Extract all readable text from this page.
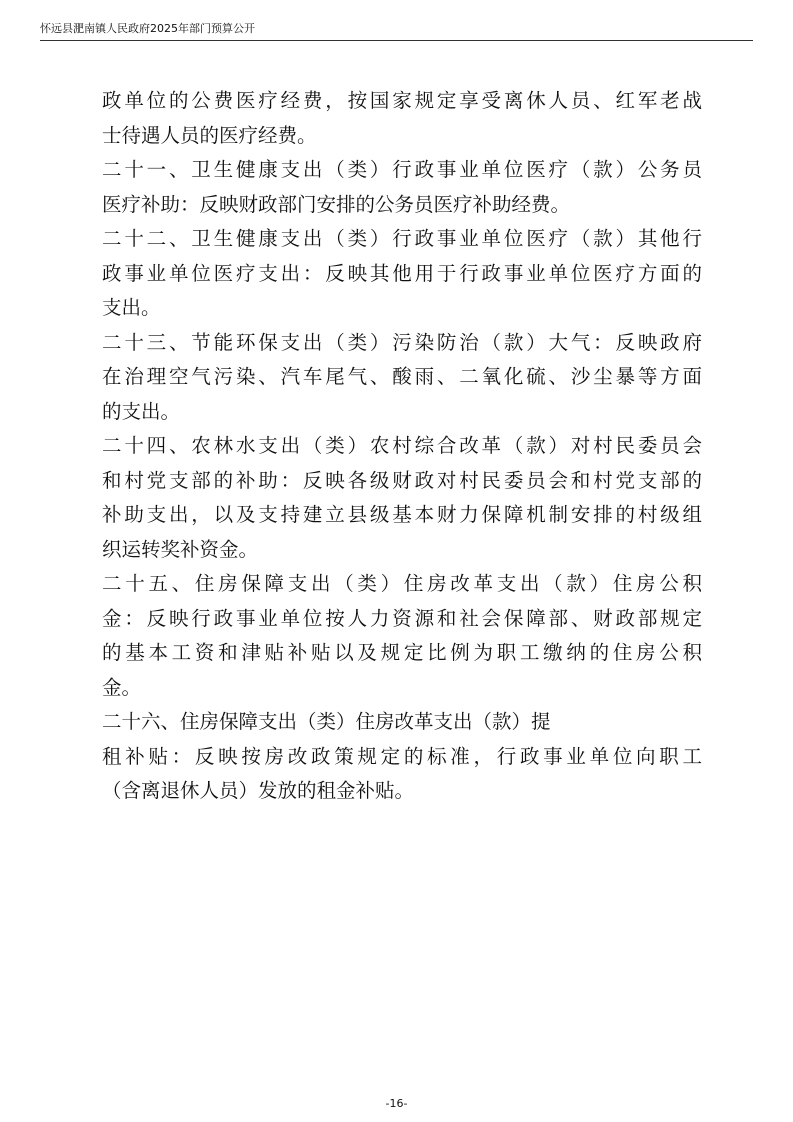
怀远县淝南镇人民政府2025年部门预算公开
政单位的公费医疗经费，按国家规定享受离休人员、红军老战
士待遇人员的医疗经费。
二十一、卫生健康支出（类）行政事业单位医疗（款）公务员
医疗补助：反映财政部门安排的公务员医疗补助经费。
二十二、卫生健康支出（类）行政事业单位医疗（款）其他行
政事业单位医疗支出：反映其他用于行政事业单位医疗方面的
支出。
二十三、节能环保支出（类）污染防治（款）大气：反映政府
在治理空气污染、汽车尾气、酸雨、二氧化硫、沙尘暴等方面
的支出。
二十四、农林水支出（类）农村综合改革（款）对村民委员会
和村党支部的补助：反映各级财政对村民委员会和村党支部的
补助支出，以及支持建立县级基本财力保障机制安排的村级组
织运转奖补资金。
二十五、住房保障支出（类）住房改革支出（款）住房公积
金：反映行政事业单位按人力资源和社会保障部、财政部规定
的基本工资和津贴补贴以及规定比例为职工缴纳的住房公积
金。
二十六、住房保障支出（类）住房改革支出（款）提
租补贴：反映按房改政策规定的标准，行政事业单位向职工
（含离退休人员）发放的租金补贴。
-16-
